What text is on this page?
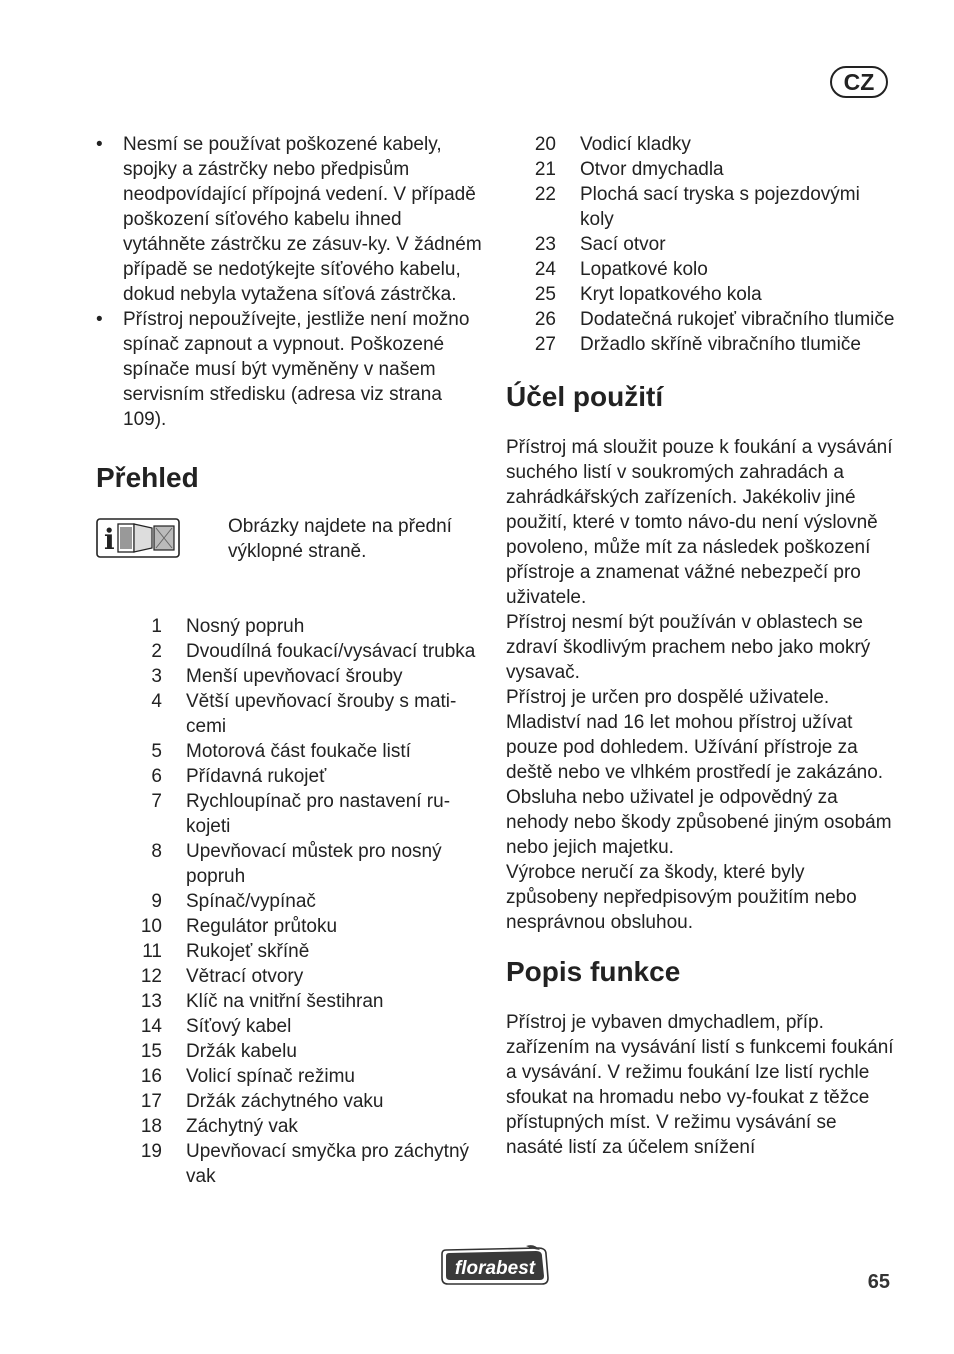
CZ
• Nesmí se používat poškozené kabely, spojky a zástrčky nebo předpisům neodpovídající přípojná vedení. V případě poškození síťového kabelu ihned vytáhněte zástrčku ze zásuv-ky. V žádném případě se nedotýkejte síťového kabelu, dokud nebyla vytažena síťová zástrčka.
• Přístroj nepoužívejte, jestliže není možno spínač zapnout a vypnout. Poškozené spínače musí být vyměněny v našem servisním středisku (adresa viz strana 109).
Přehled
i	Obrázky najdete na přední výklopné straně.
1 Nosný popruh
2 Dvoudílná foukací/vysávací trubka
3 Menší upevňovací šrouby
4 Větší upevňovací šrouby s mati-cemi
5 Motorová část foukače listí
6 Přídavná rukojeť
7 Rychloupínač pro nastavení ru-kojeti
8 Upevňovací můstek pro nosný popruh
9 Spínač/vypínač
10 Regulátor průtoku
11 Rukojeť skříně
12 Větrací otvory
13 Klíč na vnitřní šestihran
14 Síťový kabel
15 Držák kabelu
16 Volicí spínač režimu
17 Držák záchytného vaku
18 Záchytný vak
19 Upevňovací smyčka pro záchytný vak
20 Vodicí kladky
21 Otvor dmychadla
22 Plochá sací tryska s pojezdovými koly
23 Sací otvor
24 Lopatkové kolo
25 Kryt lopatkového kola
26 Dodatečná rukojeť vibračního tlumiče
27 Držadlo skříně vibračního tlumiče
Účel použití

Přístroj má sloužit pouze k foukání a vysávání suchého listí v soukromých zahradách a zahrádkářských zařízeních. Jakékoliv jiné použití, které v tomto návo-du není výslovně povoleno, může mít za následek poškození přístroje a znamenat vážné nebezpečí pro uživatele.

Přístroj nesmí být používán v oblastech se zdraví škodlivým prachem nebo jako mokrý vysavač.

Přístroj je určen pro dospělé uživatele. Mladiství nad 16 let mohou přístroj užívat pouze pod dohledem. Užívání přístroje za deště nebo ve vlhkém prostředí je zakázáno.

Obsluha nebo uživatel je odpovědný za nehody nebo škody způsobené jiným osobám nebo jejich majetku.

Výrobce neručí za škody, které byly způsobeny nepředpisovým použitím nebo nesprávnou obsluhou.

Popis funkce

Přístroj je vybaven dmychadlem, příp. zařízením na vysávání listí s funkcemi foukání a vysávání. V režimu foukání lze listí rychle sfoukat na hromadu nebo vy-foukat z těžce přístupných míst. V režimu vysávání se nasáté listí za účelem snížení

florabest
65
